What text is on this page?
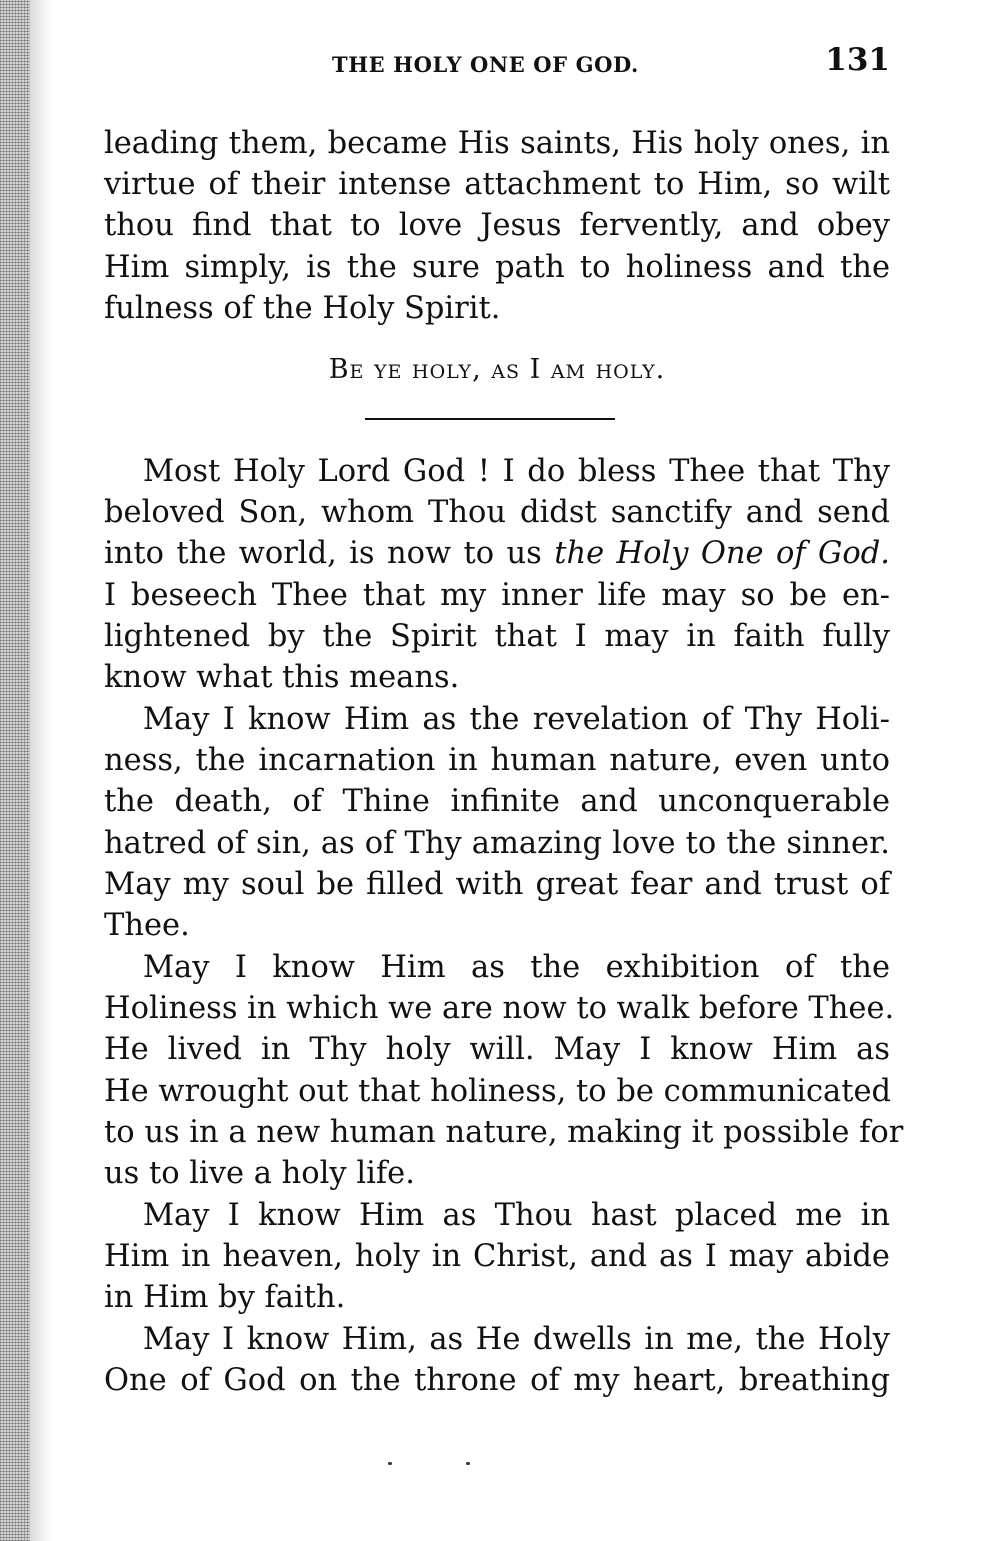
THE HOLY ONE OF GOD.	131

leading them, became His saints, His holy ones, in
virtue of their intense attachment to Him, so wilt
thou find that to love Jesus fervently, and obey
Him simply, is the sure path to holiness and the
fulness of the Holy Spirit.

Be ye holy, as I am holy.

  Most Holy Lord God ! I do bless Thee that Thy
beloved Son, whom Thou didst sanctify and send
into the world, is now to us the Holy One of God.
I beseech Thee that my inner life may so be en-
lightened by the Spirit that I may in faith fully
know what this means.

  May I know Him as the revelation of Thy Holi-
ness, the incarnation in human nature, even unto
the death, of Thine infinite and unconquerable
hatred of sin, as of Thy amazing love to the sinner.
May my soul be filled with great fear and trust of
Thee.

  May I know Him as the exhibition of the
Holiness in which we are now to walk before Thee.
He lived in Thy holy will. May I know Him as
He wrought out that holiness, to be communicated
to us in a new human nature, making it possible for
us to live a holy life.

  May I know Him as Thou hast placed me in
Him in heaven, holy in Christ, and as I may abide
in Him by faith.

  May I know Him, as He dwells in me, the Holy
One of God on the throne of my heart, breathing
